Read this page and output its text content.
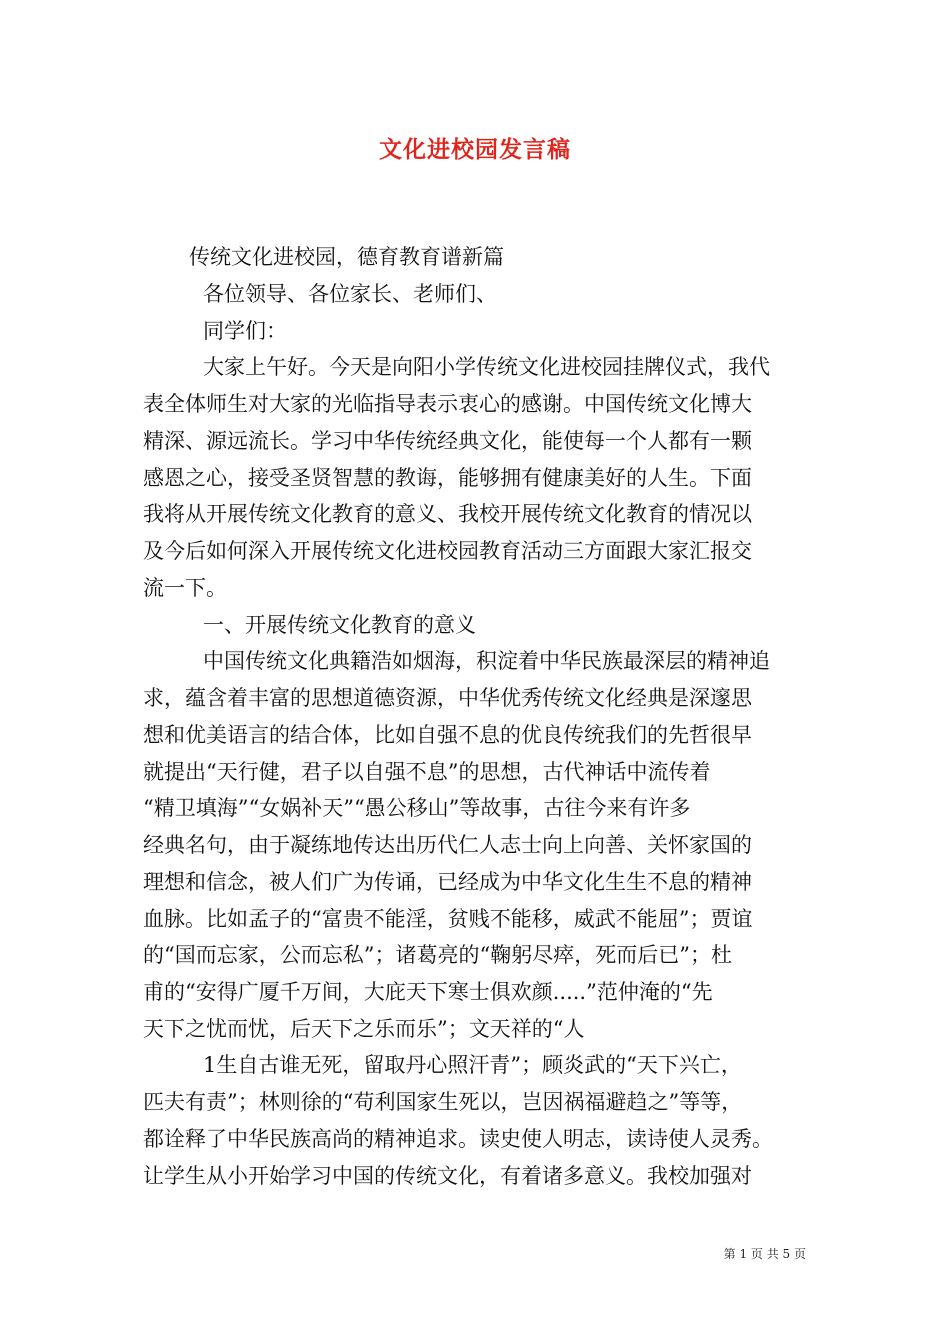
文化进校园发言稿
传统文化进校园，德育教育谱新篇
各位领导、各位家长、老师们、
同学们：
大家上午好。今天是向阳小学传统文化进校园挂牌仪式，我代
表全体师生对大家的光临指导表示衷心的感谢。中国传统文化博大
精深、源远流长。学习中华传统经典文化，能使每一个人都有一颗
感恩之心，接受圣贤智慧的教诲，能够拥有健康美好的人生。下面
我将从开展传统文化教育的意义、我校开展传统文化教育的情况以
及今后如何深入开展传统文化进校园教育活动三方面跟大家汇报交
流一下。
一、开展传统文化教育的意义
中国传统文化典籍浩如烟海，积淀着中华民族最深层的精神追
求，蕴含着丰富的思想道德资源，中华优秀传统文化经典是深邃思
想和优美语言的结合体，比如自强不息的优良传统我们的先哲很早
就提出“天行健，君子以自强不息”的思想，古代神话中流传着
“精卫填海”“女娲补天”“愚公移山”等故事，古往今来有许多
经典名句，由于凝练地传达出历代仁人志士向上向善、关怀家国的
理想和信念，被人们广为传诵，已经成为中华文化生生不息的精神
血脉。比如孟子的“富贵不能淫，贫贱不能移，威武不能屈”；贾谊
的“国而忘家，公而忘私”；诸葛亮的“鞠躬尽瘁，死而后已”；杜
甫的“安得广厦千万间，大庇天下寒士俱欢颜.....”范仲淹的“先
天下之忧而忧，后天下之乐而乐”；文天祥的“人
1生自古谁无死，留取丹心照汗青”；顾炎武的“天下兴亡，
匹夫有责”；林则徐的“苟利国家生死以，岂因祸福避趋之”等等，
都诠释了中华民族高尚的精神追求。读史使人明志，读诗使人灵秀。
让学生从小开始学习中国的传统文化，有着诸多意义。我校加强对
第 1 页 共 5 页
